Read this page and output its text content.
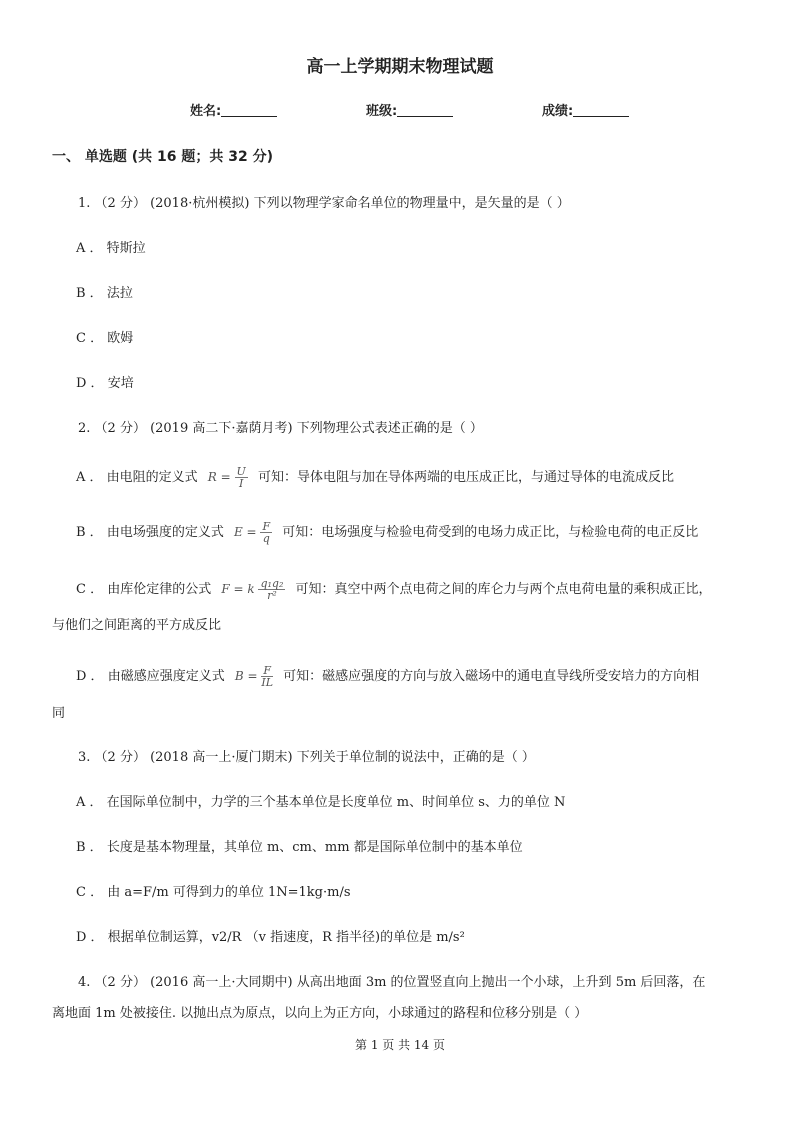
高一上学期期末物理试题
姓名:	班级:	成绩:
一、 单选题 (共 16 题；共 32 分)
1. （2 分） (2018·杭州模拟) 下列以物理学家命名单位的物理量中，是矢量的是（ ）
A ． 特斯拉
B ． 法拉
C ． 欧姆
D ． 安培
2. （2 分） (2019 高二下·嘉荫月考) 下列物理公式表述正确的是（ ）
A ． 由电阻的定义式 $R = \frac{U}{I}$ 可知：导体电阻与加在导体两端的电压成正比，与通过导体的电流成反比
B ． 由电场强度的定义式 $E = \frac{F}{q}$ 可知：电场强度与检验电荷受到的电场力成正比，与检验电荷的电正反比
C ． 由库伦定律的公式 F = k $\frac{\text{q₁q₂}}{\text{r²}}$ 可知：真空中两个点电荷之间的库仑力与两个点电荷电量的乘积成正比，
与他们之间距离的平方成反比
D ． 由磁感应强度定义式 $B = \frac{F}{IL}$ 可知：磁感应强度的方向与放入磁场中的通电直导线所受安培力的方向相
同
3. （2 分） (2018 高一上·厦门期末) 下列关于单位制的说法中，正确的是（ ）
A ． 在国际单位制中，力学的三个基本单位是长度单位 m、时间单位 s、力的单位 N
B ． 长度是基本物理量，其单位 m、cm、mm 都是国际单位制中的基本单位
C ． 由 a=F/m 可得到力的单位 1N=1kg·m/s
D ． 根据单位制运算，v2/R （v 指速度，R 指半径)的单位是 m/s²
4. （2 分） (2016 高一上·大同期中) 从高出地面 3m 的位置竖直向上抛出一个小球，上升到 5m 后回落，在
离地面 1m 处被接住. 以抛出点为原点，以向上为正方向，小球通过的路程和位移分别是（ ）
第 1 页 共 14 页
